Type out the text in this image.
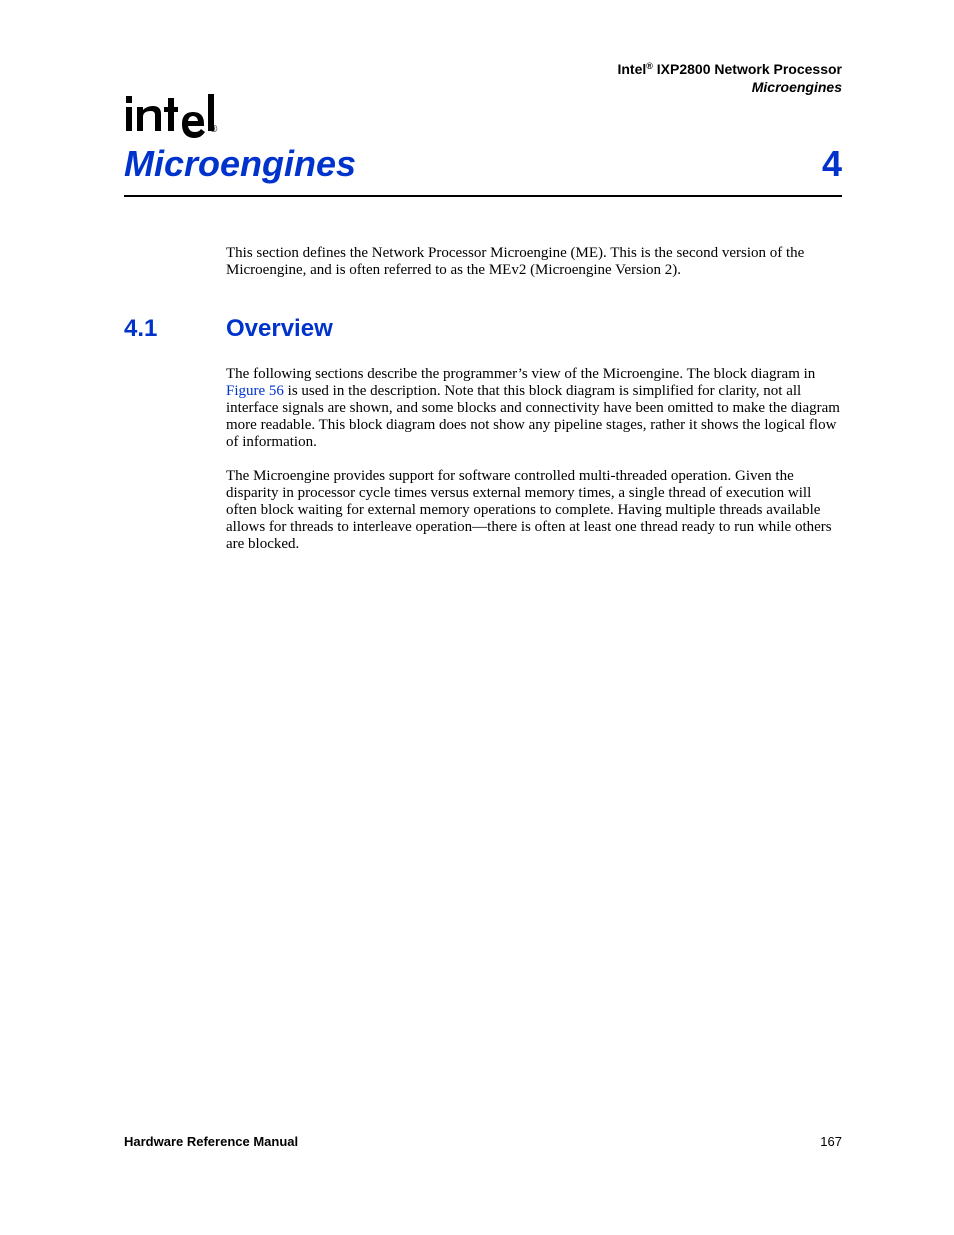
Intel® IXP2800 Network Processor
Microengines
®
Microengines	4

This section defines the Network Processor Microengine (ME). This is the second version of the Microengine, and is often referred to as the MEv2 (Microengine Version 2).

4.1	Overview

The following sections describe the programmer’s view of the Microengine. The block diagram in Figure 56 is used in the description. Note that this block diagram is simplified for clarity, not all interface signals are shown, and some blocks and connectivity have been omitted to make the diagram more readable. This block diagram does not show any pipeline stages, rather it shows the logical flow of information.

The Microengine provides support for software controlled multi-threaded operation. Given the disparity in processor cycle times versus external memory times, a single thread of execution will often block waiting for external memory operations to complete. Having multiple threads available allows for threads to interleave operation—there is often at least one thread ready to run while others are blocked.

Hardware Reference Manual	167
